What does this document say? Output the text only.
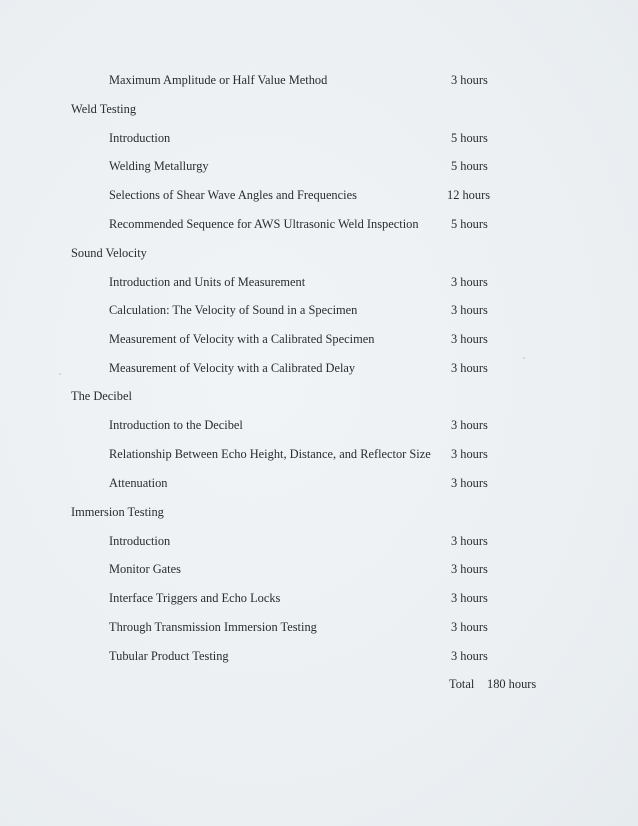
Maximum Amplitude or Half Value Method	3 hours
Weld Testing
Introduction	5 hours
Welding Metallurgy	5 hours
Selections of Shear Wave Angles and Frequencies	12 hours
Recommended Sequence for AWS Ultrasonic Weld Inspection	5 hours
Sound Velocity
Introduction and Units of Measurement	3 hours
Calculation: The Velocity of Sound in a Specimen	3 hours
Measurement of Velocity with a Calibrated Specimen	3 hours
Measurement of Velocity with a Calibrated Delay	3 hours
The Decibel
Introduction to the Decibel	3 hours
Relationship Between Echo Height, Distance, and Reflector Size 3 hours
Attenuation	3 hours
Immersion Testing
Introduction	3 hours
Monitor Gates	3 hours
Interface Triggers and Echo Locks	3 hours
Through Transmission Immersion Testing	3 hours
Tubular Product Testing	3 hours
Total 180 hours
